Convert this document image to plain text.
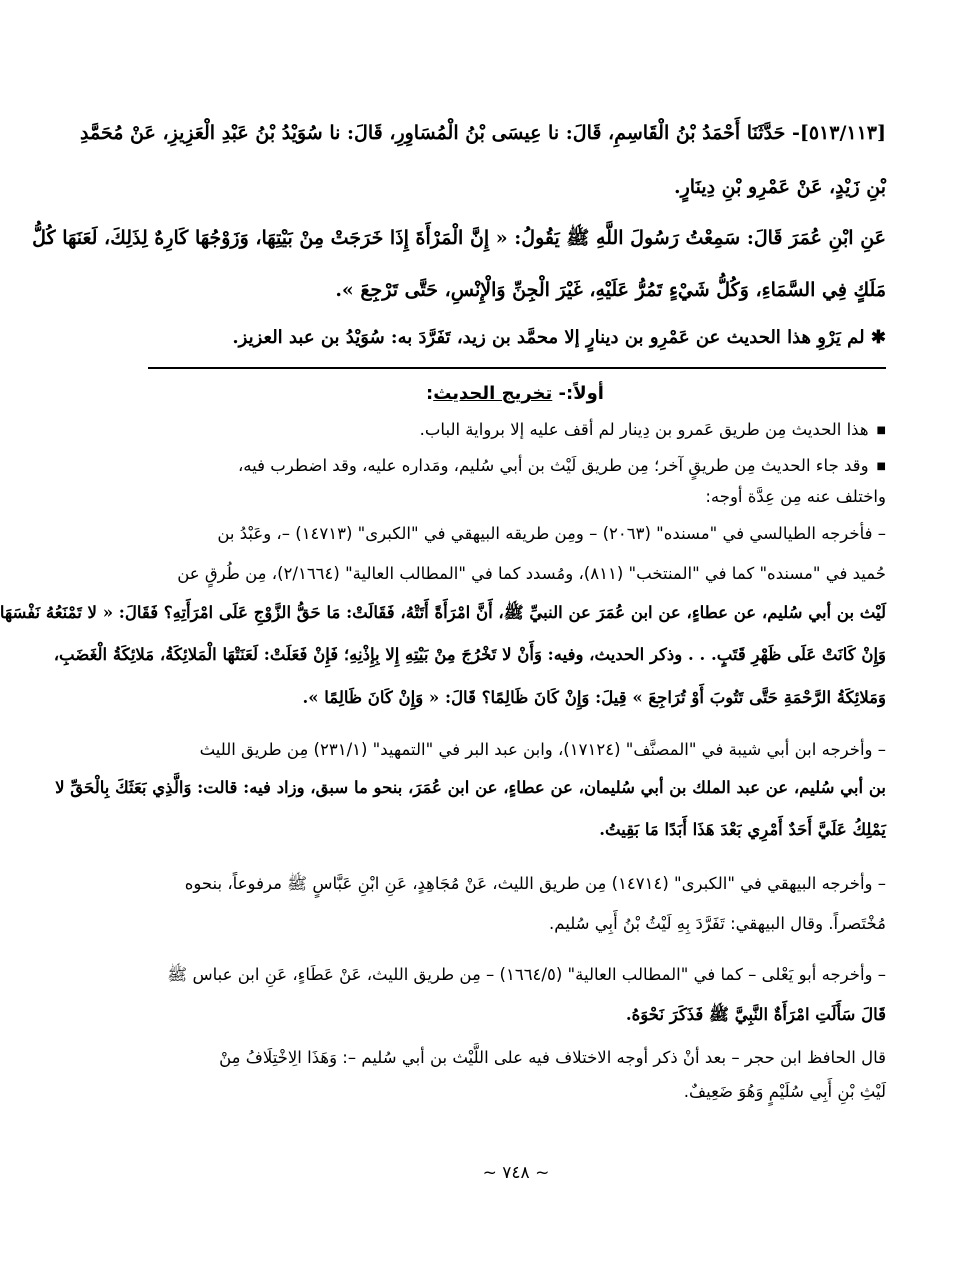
[٥١٣/١١٣]- حَدَّثَنَا أَحْمَدُ بْنُ الْقَاسِمِ، قَالَ: نا عِيسَى بْنُ الْمُسَاوِرِ، قَالَ: نا سُوَيْدُ بْنُ عَبْدِ الْعَزِيزِ، عَنْ مُحَمَّدِ
بْنِ زَيْدٍ، عَنْ عَمْرِو بْنِ دِينَارٍ.
عَنِ ابْنِ عُمَرَ قَالَ: سَمِعْتُ رَسُولَ اللَّهِ ﷺ يَقُولُ: « إِنَّ الْمَرْأَةَ إِذَا خَرَجَتْ مِنْ بَيْتِهَا، وَزَوْجُهَا كَارِهٌ لِذَلِكَ، لَعَنَهَا كُلُّ
مَلَكٍ فِي السَّمَاءِ، وَكُلُّ شَيْءٍ تَمُرُّ عَلَيْهِ، غَيْرَ الْجِنِّ وَالْإِنْسِ، حَتَّى تَرْجِعَ ».
✱ لم يَرْوِ هذا الحديث عن عَمْرِو بن دينارٍ إلا محمَّد بن زيد، تَفَرَّدَ به: سُوَيْدُ بن عبد العزيز.
أولاً:- تخريج الحديث:
■ هذا الحديث مِن طريق عَمرو بن دِينار لم أقف عليه إلا برواية الباب.
■ وقد جاء الحديث مِن طريقٍ آخر؛ مِن طريق لَيْث بن أبي سُليم، ومَداره عليه، وقد اضطرب فيه،
واختلف عنه مِن عِدَّة أوجه:
– فأخرجه الطيالسي في "مسنده" (٢٠٦٣) – ومِن طريقه البيهقي في "الكبرى" (١٤٧١٣) –، وعَبْدُ بن
حُميد في "مسنده" كما في "المنتخب" (٨١١)، ومُسدد كما في "المطالب العالية" (٢/١٦٦٤)، مِن طُرقٍ عن
لَيْث بن أبي سُليم، عن عطاءٍ، عن ابن عُمَرَ عن النبيِّ ﷺ، أَنَّ امْرَأَةً أَتَتْهُ، فَقَالَتْ: مَا حَقُّ الزَّوْجِ عَلَى امْرَأَتِهِ؟ فَقَالَ: « لا تَمْنَعُهُ نَفْسَهَا
وَإِنْ كَانَتْ عَلَى ظَهْرِ قَتَبٍ. . . وذكر الحديث، وفيه: وَأَنْ لا تَخْرُجَ مِنْ بَيْتِهِ إِلا بِإِذْنِهِ؛ فَإِنْ فَعَلَتْ: لَعَنَتْهَا الْمَلائِكَةُ، مَلائِكَةُ الْغَضَبِ،
وَمَلائِكَةُ الرَّحْمَةِ حَتَّى تَتُوبَ أَوْ تُرَاجِعَ » قِيلَ: وَإِنْ كَانَ ظَالِمًا؟ قَالَ: « وَإِنْ كَانَ ظَالِمًا ».
– وأخرجه ابن أبي شيبة في "المصنَّف" (١٧١٢٤)، وابن عبد البر في "التمهيد" (٢٣١/١) مِن طريق الليث
بن أبي سُليم، عن عبد الملك بن أبي سُليمان، عن عطاءٍ، عن ابن عُمَرَ، بنحو ما سبق، وزاد فيه: قالت: وَالَّذِي بَعَثَكَ بِالْحَقِّ لا
يَمْلِكُ عَلَيَّ أَحَدٌ أَمْرِي بَعْدَ هَذَا أَبَدًا مَا بَقِيتُ.
– وأخرجه البيهقي في "الكبرى" (١٤٧١٤) مِن طريق الليث، عَنْ مُجَاهِدٍ، عَنِ ابْنِ عَبَّاسٍ ﷺ مرفوعاً، بنحوه
مُخْتَصراً. وقال البيهقي: تَفَرَّدَ بِهِ لَيْثُ بْنُ أَبِي سُليم.
– وأخرجه أبو يَعْلى – كما في "المطالب العالية" (١٦٦٤/٥) – مِن طريق الليث، عَنْ عَطَاءٍ، عَنِ ابن عباس ﷺ
قَالَ سَأَلَتِ امْرَأَةٌ النَّبِيَّ ﷺ فَذَكَرَ نَحْوَهُ.
قال الحافظ ابن حجر – بعد أنْ ذكر أوجه الاختلاف فيه على اللَّيْث بن أبي سُليم –: وَهَذَا الِاخْتِلَافُ مِنْ
لَيْثِ بْنِ أَبِي سُلَيْمٍ وَهُوَ ضَعِيفٌ.
~ ٧٤٨ ~
